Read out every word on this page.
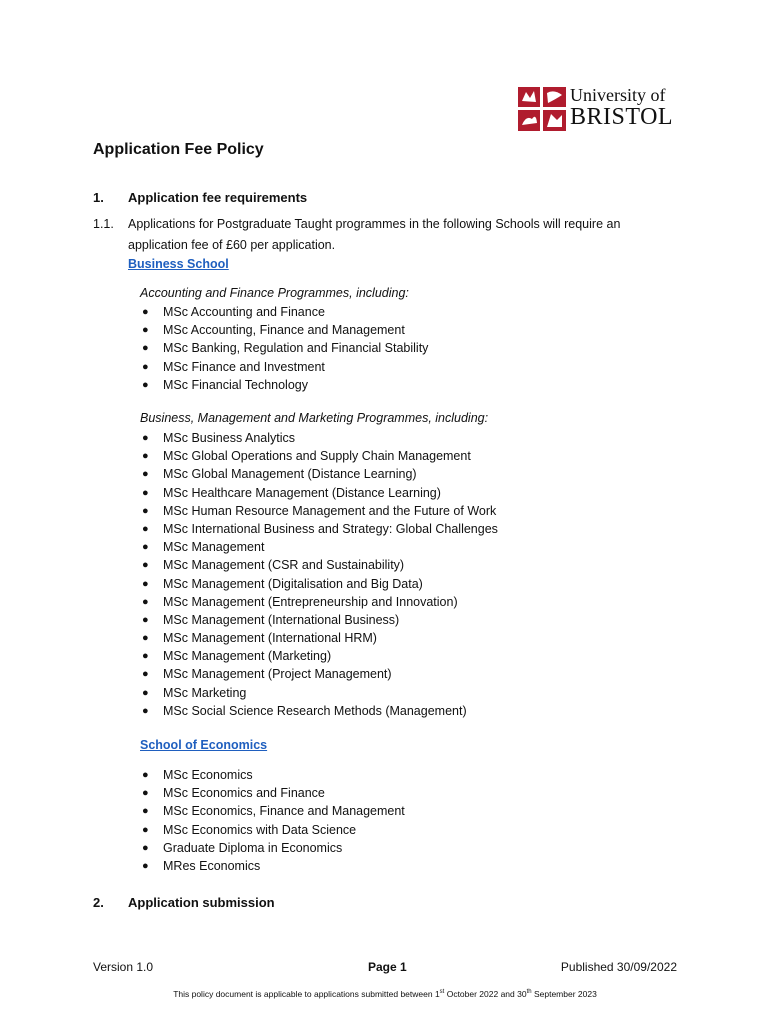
University of
BRISTOL
Application Fee Policy
1. Application fee requirements
1.1. Applications for Postgraduate Taught programmes in the following Schools will require an application fee of £60 per application.
Business School
Accounting and Finance Programmes, including:
● MSc Accounting and Finance
● MSc Accounting, Finance and Management
● MSc Banking, Regulation and Financial Stability
● MSc Finance and Investment
● MSc Financial Technology
Business, Management and Marketing Programmes, including:
● MSc Business Analytics
● MSc Global Operations and Supply Chain Management
● MSc Global Management (Distance Learning)
● MSc Healthcare Management (Distance Learning)
● MSc Human Resource Management and the Future of Work
● MSc International Business and Strategy: Global Challenges
● MSc Management
● MSc Management (CSR and Sustainability)
● MSc Management (Digitalisation and Big Data)
● MSc Management (Entrepreneurship and Innovation)
● MSc Management (International Business)
● MSc Management (International HRM)
● MSc Management (Marketing)
● MSc Management (Project Management)
● MSc Marketing
● MSc Social Science Research Methods (Management)
School of Economics
● MSc Economics
● MSc Economics and Finance
● MSc Economics, Finance and Management
● MSc Economics with Data Science
● Graduate Diploma in Economics
● MRes Economics
2. Application submission
Version 1.0	Page 1	Published 30/09/2022
This policy document is applicable to applications submitted between 1st October 2022 and 30th September 2023
